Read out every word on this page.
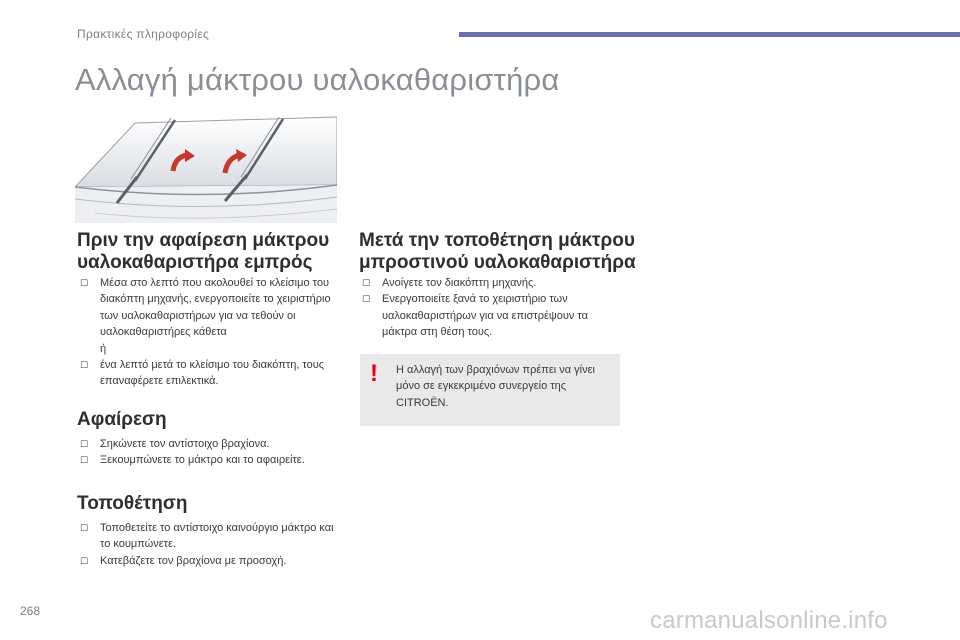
Πρακτικές πληροφορίες
Αλλαγή μάκτρου υαλοκαθαριστήρα
Πριν την αφαίρεση μάκτρου
υαλοκαθαριστήρα εμπρός
☐	Μέσα στο λεπτό που ακολουθεί το κλείσιμο του διακόπτη μηχανής, ενεργοποιείτε το χειριστήριο των υαλοκαθαριστήρων για να τεθούν οι υαλοκαθαριστήρες κάθετα
ή
☐	ένα λεπτό μετά το κλείσιμο του διακόπτη, τους επαναφέρετε επιλεκτικά.
Αφαίρεση
☐	Σηκώνετε τον αντίστοιχο βραχίονα.
☐	Ξεκουμπώνετε το μάκτρο και το αφαιρείτε.
Τοποθέτηση
☐	Τοποθετείτε το αντίστοιχο καινούργιο μάκτρο και το κουμπώνετε.
☐	Κατεβάζετε τον βραχίονα με προσοχή.
Μετά την τοποθέτηση μάκτρου
μπροστινού υαλοκαθαριστήρα
☐	Ανοίγετε τον διακόπτη μηχανής.
☐	Ενεργοποιείτε ξανά το χειριστήριο των υαλοκαθαριστήρων για να επιστρέψουν τα μάκτρα στη θέση τους.
! Η αλλαγή των βραχιόνων πρέπει να γίνει μόνο σε εγκεκριμένο συνεργείο της CITROËN.
268	carmanualsonline.info
